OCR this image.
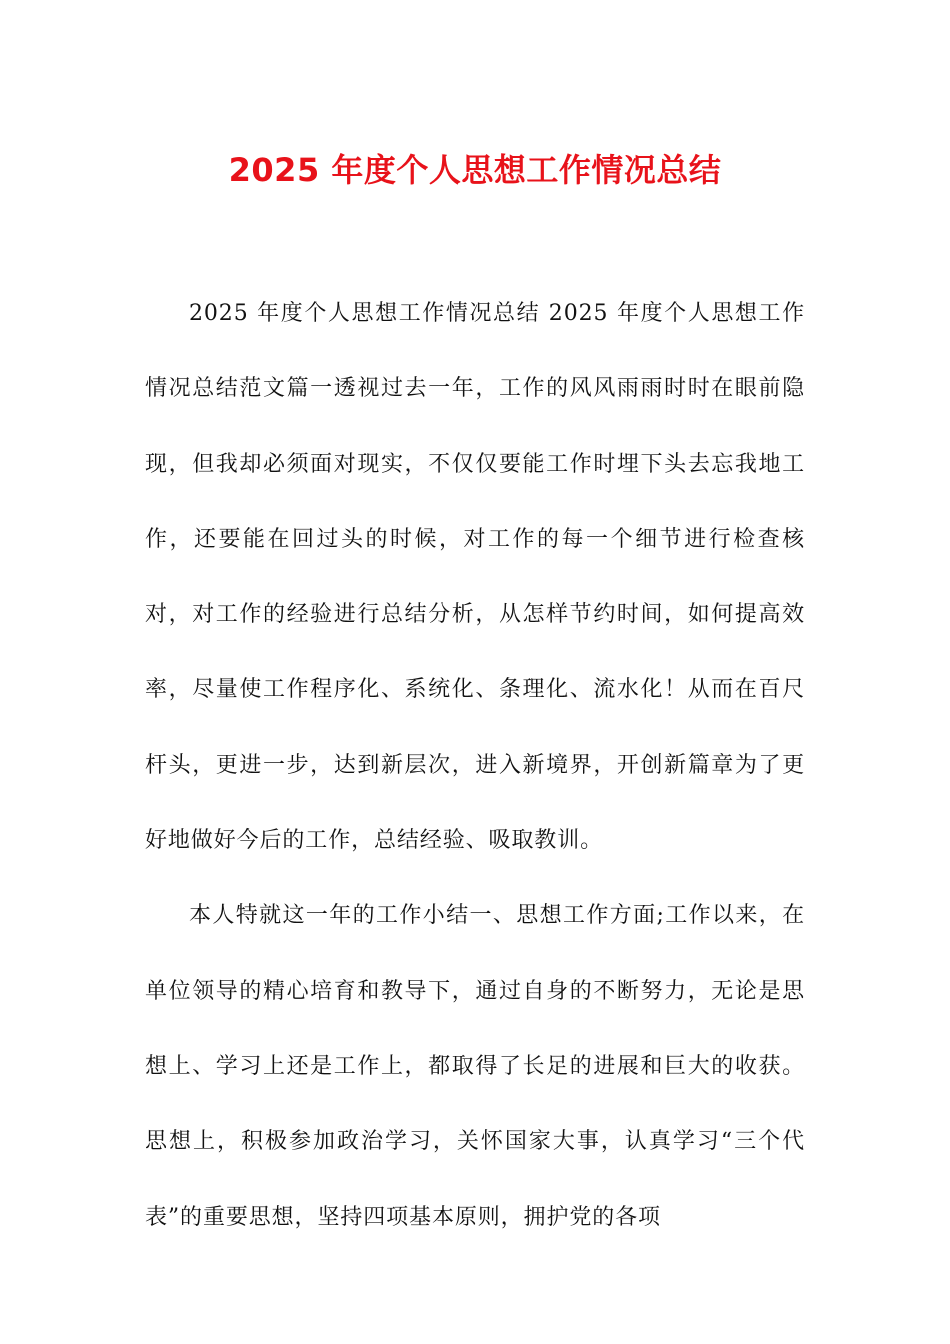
2025 年度个人思想工作情况总结

2025 年度个人思想工作情况总结 2025 年度个人思想工作情况总结范文篇一透视过去一年，工作的风风雨雨时时在眼前隐现，但我却必须面对现实，不仅仅要能工作时埋下头去忘我地工作，还要能在回过头的时候，对工作的每一个细节进行检查核对，对工作的经验进行总结分析，从怎样节约时间，如何提高效率，尽量使工作程序化、系统化、条理化、流水化！从而在百尺杆头，更进一步，达到新层次，进入新境界，开创新篇章为了更好地做好今后的工作，总结经验、吸取教训。

本人特就这一年的工作小结一、思想工作方面;工作以来，在单位领导的精心培育和教导下，通过自身的不断努力，无论是思想上、学习上还是工作上，都取得了长足的进展和巨大的收获。思想上，积极参加政治学习，关怀国家大事，认真学习“三个代表”的重要思想，坚持四项基本原则，拥护党的各项
